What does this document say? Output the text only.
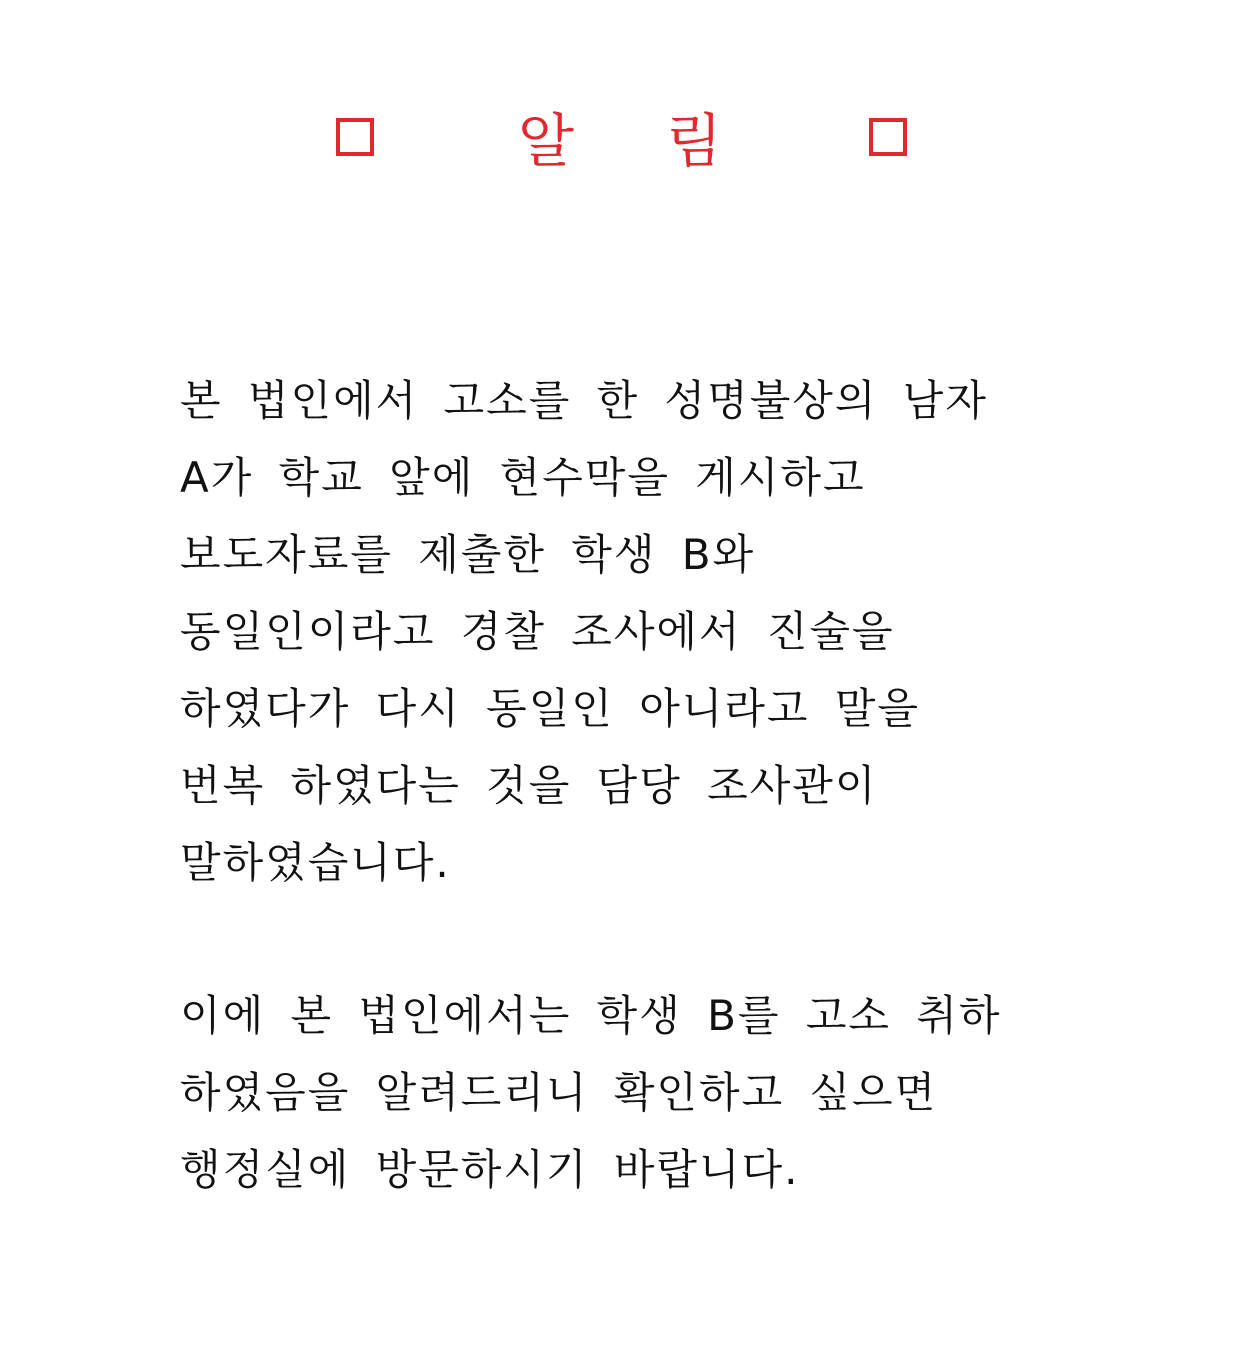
알 림
본 법인에서 고소를 한 성명불상의 남자
A가 학교 앞에 현수막을 게시하고
보도자료를 제출한 학생 B와
동일인이라고 경찰 조사에서 진술을
하였다가 다시 동일인 아니라고 말을
번복 하였다는 것을 담당 조사관이
말하였습니다.
이에 본 법인에서는 학생 B를 고소 취하
하였음을 알려드리니 확인하고 싶으면
행정실에 방문하시기 바랍니다.
